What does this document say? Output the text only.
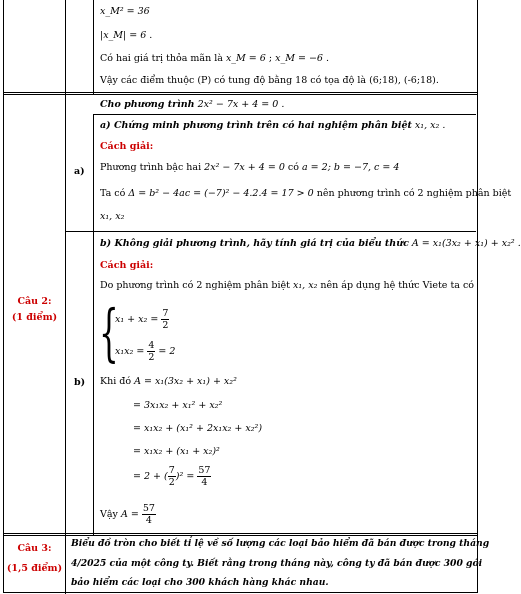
x_M² = 36
|x_M| = 6 .
Có hai giá trị thỏa mãn là x_M = 6 ; x_M = −6 .
Vậy các điểm thuộc (P) có tung độ bằng 18 có tọa độ là (6;18), (-6;18).
Câu 2:
(1 điểm)
Cho phương trình 2x² − 7x + 4 = 0 .
a)
a) Chứng minh phương trình trên có hai nghiệm phân biệt x₁, x₂ .
Cách giải:
Phương trình bậc hai 2x² − 7x + 4 = 0 có a = 2; b = −7, c = 4
Ta có Δ = b² − 4ac = (−7)² − 4.2.4 = 17 > 0 nên phương trình có 2 nghiệm phân biệt
x₁, x₂
b)
b) Không giải phương trình, hãy tính giá trị của biểu thức A = x₁(3x₂ + x₁) + x₂² .
Cách giải:
Do phương trình có 2 nghiệm phân biệt x₁, x₂ nên áp dụng hệ thức Viete ta có
{
$x_1 + x_2 = \frac{7}{2}$
$x_1x_2 = \frac{4}{2} = 2$
Khi đó A = x₁(3x₂ + x₁) + x₂²
= 3x₁x₂ + x₁² + x₂²
= x₁x₂ + (x₁² + 2x₁x₂ + x₂²)
= x₁x₂ + (x₁ + x₂)²
= 2 + ( $\frac{7}{2} )^2 = \frac{57}{4}$
Vậy $A = \frac{57}{4}$
Câu 3:
(1,5 điểm)
Biểu đồ tròn cho biết tỉ lệ về số lượng các loại bảo hiểm đã bán được trong tháng
4/2025 của một công ty. Biết rằng trong tháng này, công ty đã bán được 300 gói
bảo hiểm các loại cho 300 khách hàng khác nhau.
